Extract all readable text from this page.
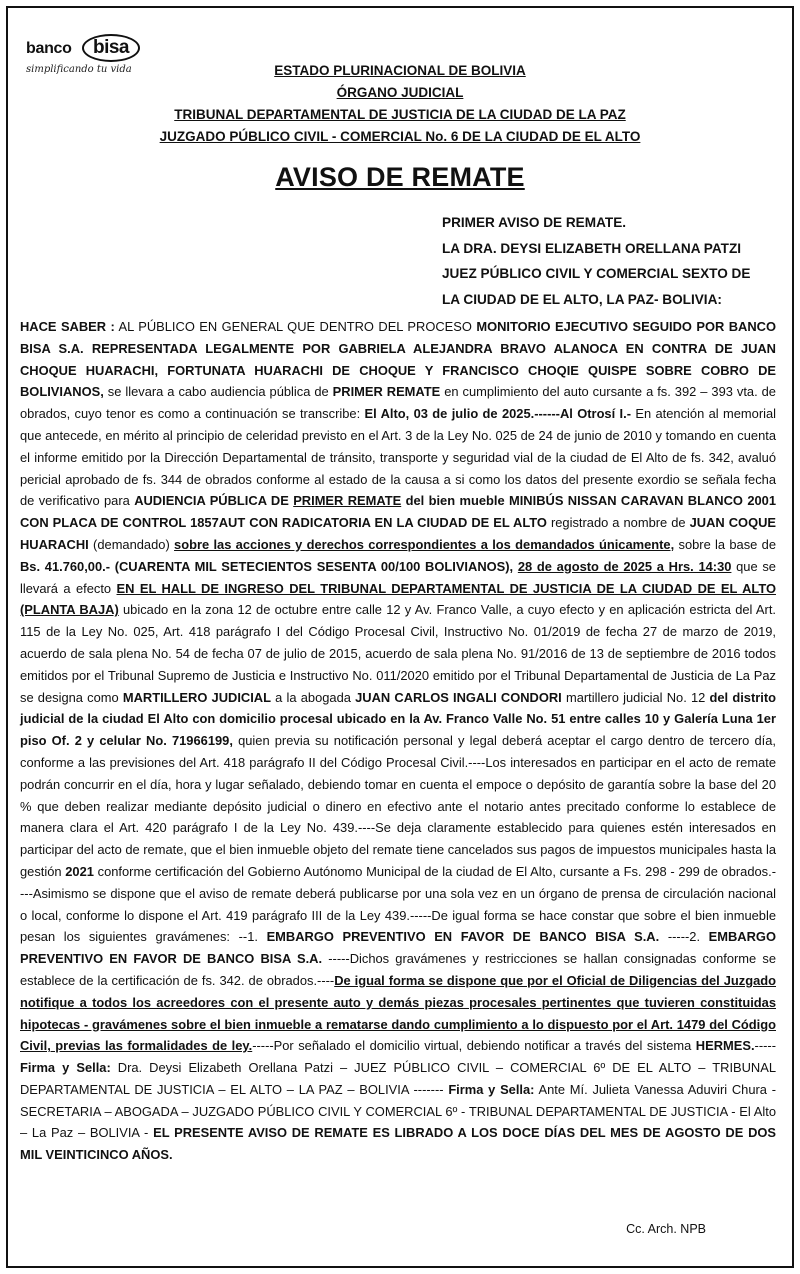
banco	bisa
simplificando tu vida	ESTADO PLURINACIONAL DE BOLIVIA

ÓRGANO JUDICIAL

TRIBUNAL DEPARTAMENTAL DE JUSTICIA DE LA CIUDAD DE LA PAZ

JUZGADO PÚBLICO CIVIL - COMERCIAL No. 6 DE LA CIUDAD DE EL ALTO

AVISO DE REMATE
PRIMER AVISO DE REMATE.
LA DRA. DEYSI ELIZABETH ORELLANA PATZI
JUEZ PÚBLICO CIVIL Y COMERCIAL SEXTO DE
LA CIUDAD DE EL ALTO, LA PAZ- BOLIVIA:

HACE SABER : AL PÚBLICO EN GENERAL QUE DENTRO DEL PROCESO MONITORIO EJECUTIVO SEGUIDO POR BANCO BISA S.A. REPRESENTADA LEGALMENTE POR GABRIELA ALEJANDRA BRAVO ALANOCA EN CONTRA DE JUAN CHOQUE HUARACHI, FORTUNATA HUARACHI DE CHOQUE Y FRANCISCO CHOQIE QUISPE SOBRE COBRO DE BOLIVIANOS, se llevara a cabo audiencia pública de PRIMER REMATE en cumplimiento del auto cursante a fs. 392 – 393 vta. de obrados, cuyo tenor es como a continuación se transcribe: El Alto, 03 de julio de 2025.------Al Otrosí I.- En atención al memorial que antecede, en mérito al principio de celeridad previsto en el Art. 3 de la Ley No. 025 de 24 de junio de 2010 y tomando en cuenta el informe emitido por la Dirección Departamental de tránsito, transporte y seguridad vial de la ciudad de El Alto de fs. 342, avaluó pericial aprobado de fs. 344 de obrados conforme al estado de la causa a si como los datos del presente exordio se señala fecha de verificativo para AUDIENCIA PÚBLICA DE PRIMER REMATE del bien mueble MINIBÚS NISSAN CARAVAN BLANCO 2001 CON PLACA DE CONTROL 1857AUT CON RADICATORIA EN LA CIUDAD DE EL ALTO registrado a nombre de JUAN COQUE HUARACHI (demandado) sobre las acciones y derechos correspondientes a los demandados únicamente, sobre la base de Bs. 41.760,00.- (CUARENTA MIL SETECIENTOS SESENTA 00/100 BOLIVIANOS), 28 de agosto de 2025 a Hrs. 14:30 que se llevará a efecto EN EL HALL DE INGRESO DEL TRIBUNAL DEPARTAMENTAL DE JUSTICIA DE LA CIUDAD DE EL ALTO (PLANTA BAJA) ubicado en la zona 12 de octubre entre calle 12 y Av. Franco Valle, a cuyo efecto y en aplicación estricta del Art. 115 de la Ley No. 025, Art. 418 parágrafo I del Código Procesal Civil, Instructivo No. 01/2019 de fecha 27 de marzo de 2019, acuerdo de sala plena No. 54 de fecha 07 de julio de 2015, acuerdo de sala plena No. 91/2016 de 13 de septiembre de 2016 todos emitidos por el Tribunal Supremo de Justicia e Instructivo No. 011/2020 emitido por el Tribunal Departamental de Justicia de La Paz se designa como MARTILLERO JUDICIAL a la abogada JUAN CARLOS INGALI CONDORI martillero judicial No. 12 del distrito judicial de la ciudad El Alto con domicilio procesal ubicado en la Av. Franco Valle No. 51 entre calles 10 y Galería Luna 1er piso Of. 2 y celular No. 71966199, quien previa su notificación personal y legal deberá aceptar el cargo dentro de tercero día, conforme a las previsiones del Art. 418 parágrafo II del Código Procesal Civil.----Los interesados en participar en el acto de remate podrán concurrir en el día, hora y lugar señalado, debiendo tomar en cuenta el empoce o depósito de garantía sobre la base del 20 % que deben realizar mediante depósito judicial o dinero en efectivo ante el notario antes precitado conforme lo establece de manera clara el Art. 420 parágrafo I de la Ley No. 439.----Se deja claramente establecido para quienes estén interesados en participar del acto de remate, que el bien inmueble objeto del remate tiene cancelados sus pagos de impuestos municipales hasta la gestión 2021 conforme certificación del Gobierno Autónomo Municipal de la ciudad de El Alto, cursante a Fs. 298 - 299 de obrados.----Asimismo se dispone que el aviso de remate deberá publicarse por una sola vez en un órgano de prensa de circulación nacional o local, conforme lo dispone el Art. 419 parágrafo III de la Ley 439.-----De igual forma se hace constar que sobre el bien inmueble pesan los siguientes gravámenes: --1. EMBARGO PREVENTIVO EN FAVOR DE BANCO BISA S.A. -----2. EMBARGO PREVENTIVO EN FAVOR DE BANCO BISA S.A. -----Dichos gravámenes y restricciones se hallan consignadas conforme se establece de la certificación de fs. 342. de obrados.----De igual forma se dispone que por el Oficial de Diligencias del Juzgado notifique a todos los acreedores con el presente auto y demás piezas procesales pertinentes que tuvieren constituidas hipotecas - gravámenes sobre el bien inmueble a rematarse dando cumplimiento a lo dispuesto por el Art. 1479 del Código Civil, previas las formalidades de ley.-----Por señalado el domicilio virtual, debiendo notificar a través del sistema HERMES.----- Firma y Sella: Dra. Deysi Elizabeth Orellana Patzi – JUEZ PÚBLICO CIVIL – COMERCIAL 6º DE EL ALTO – TRIBUNAL DEPARTAMENTAL DE JUSTICIA – EL ALTO – LA PAZ – BOLIVIA ------- Firma y Sella: Ante Mí. Julieta Vanessa Aduviri Chura - SECRETARIA – ABOGADA – JUZGADO PÚBLICO CIVIL Y COMERCIAL 6º - TRIBUNAL DEPARTAMENTAL DE JUSTICIA - El Alto – La Paz – BOLIVIA - EL PRESENTE AVISO DE REMATE ES LIBRADO A LOS DOCE DÍAS DEL MES DE AGOSTO DE DOS MIL VEINTICINCO AÑOS.

Cc. Arch. NPB
